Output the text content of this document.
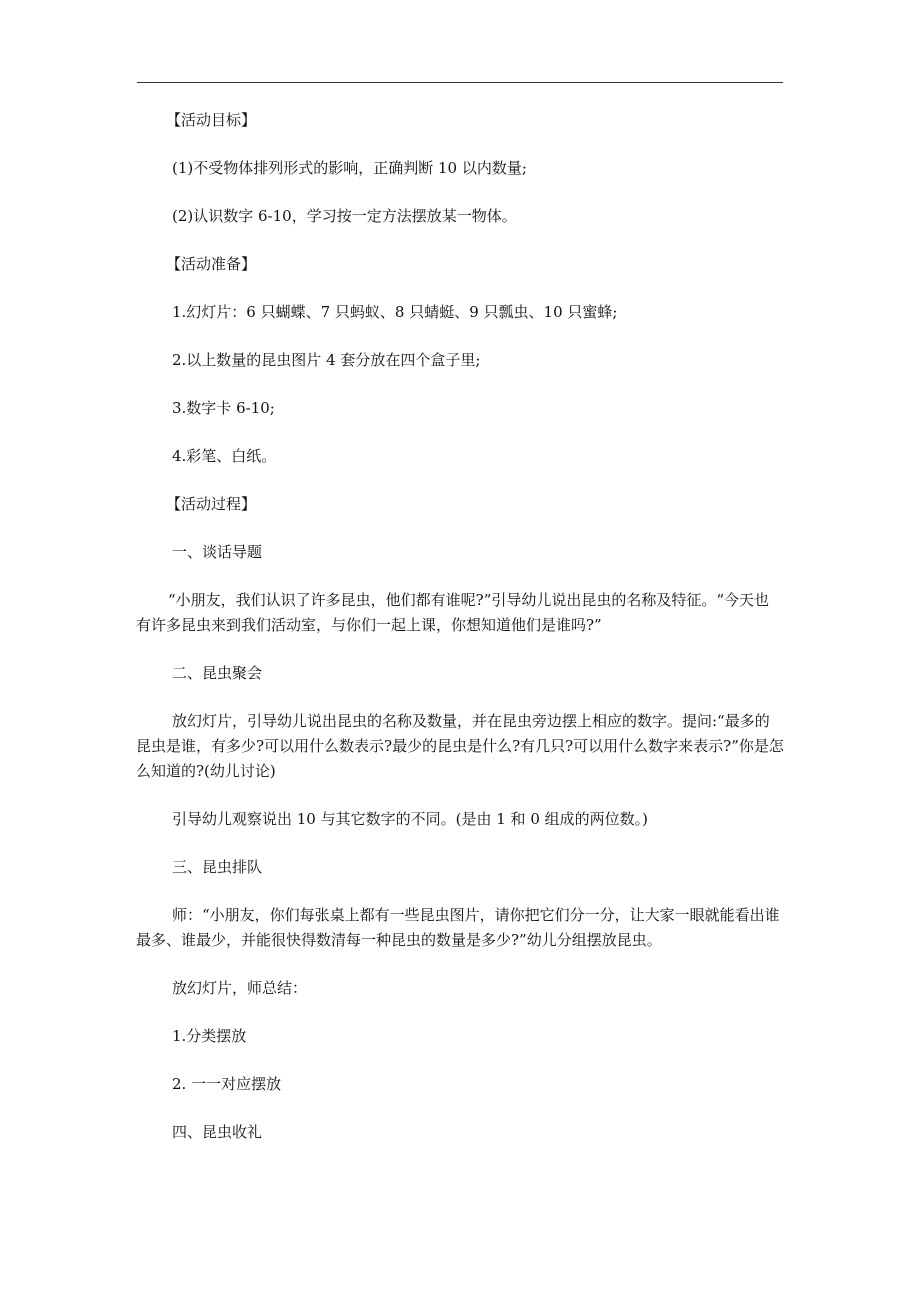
【活动目标】

(1)不受物体排列形式的影响，正确判断 10 以内数量;

(2)认识数字 6-10，学习按一定方法摆放某一物体。

【活动准备】

1.幻灯片：6 只蝴蝶、7 只蚂蚁、8 只蜻蜓、9 只瓢虫、10 只蜜蜂;

2.以上数量的昆虫图片 4 套分放在四个盒子里;

3.数字卡 6-10;

4.彩笔、白纸。

【活动过程】

一、谈话导题

“小朋友，我们认识了许多昆虫，他们都有谁呢?”引导幼儿说出昆虫的名称及特征。“今天也有许多昆虫来到我们活动室，与你们一起上课，你想知道他们是谁吗?”

二、昆虫聚会

放幻灯片，引导幼儿说出昆虫的名称及数量，并在昆虫旁边摆上相应的数字。提问:“最多的昆虫是谁，有多少?可以用什么数表示?最少的昆虫是什么?有几只?可以用什么数字来表示?”你是怎么知道的?(幼儿讨论)

引导幼儿观察说出 10 与其它数字的不同。(是由 1 和 0 组成的两位数。)

三、昆虫排队

师：“小朋友，你们每张桌上都有一些昆虫图片，请你把它们分一分，让大家一眼就能看出谁最多、谁最少，并能很快得数清每一种昆虫的数量是多少?”幼儿分组摆放昆虫。

放幻灯片，师总结：

1.分类摆放

2. 一一对应摆放

四、昆虫收礼
